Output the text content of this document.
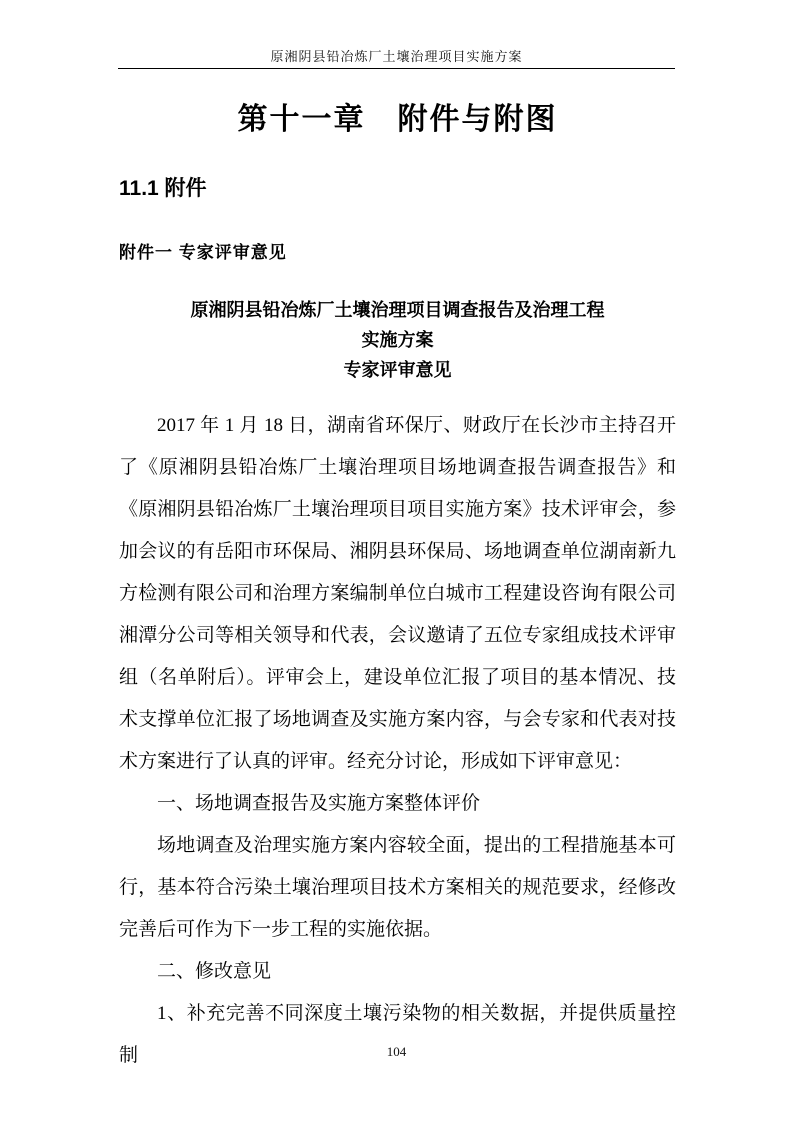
原湘阴县铅冶炼厂土壤治理项目实施方案
第十一章　附件与附图
11.1 附件
附件一 专家评审意见
原湘阴县铅冶炼厂土壤治理项目调查报告及治理工程
实施方案
专家评审意见

2017 年 1 月 18 日，湖南省环保厅、财政厅在长沙市主持召开了《原湘阴县铅冶炼厂土壤治理项目场地调查报告调查报告》和《原湘阴县铅冶炼厂土壤治理项目项目实施方案》技术评审会，参加会议的有岳阳市环保局、湘阴县环保局、场地调查单位湖南新九方检测有限公司和治理方案编制单位白城市工程建设咨询有限公司湘潭分公司等相关领导和代表，会议邀请了五位专家组成技术评审组（名单附后）。评审会上，建设单位汇报了项目的基本情况、技术支撑单位汇报了场地调查及实施方案内容，与会专家和代表对技术方案进行了认真的评审。经充分讨论，形成如下评审意见：

一、场地调查报告及实施方案整体评价

场地调查及治理实施方案内容较全面，提出的工程措施基本可行，基本符合污染土壤治理项目技术方案相关的规范要求，经修改完善后可作为下一步工程的实施依据。

二、修改意见

1、补充完善不同深度土壤污染物的相关数据，并提供质量控制	104
